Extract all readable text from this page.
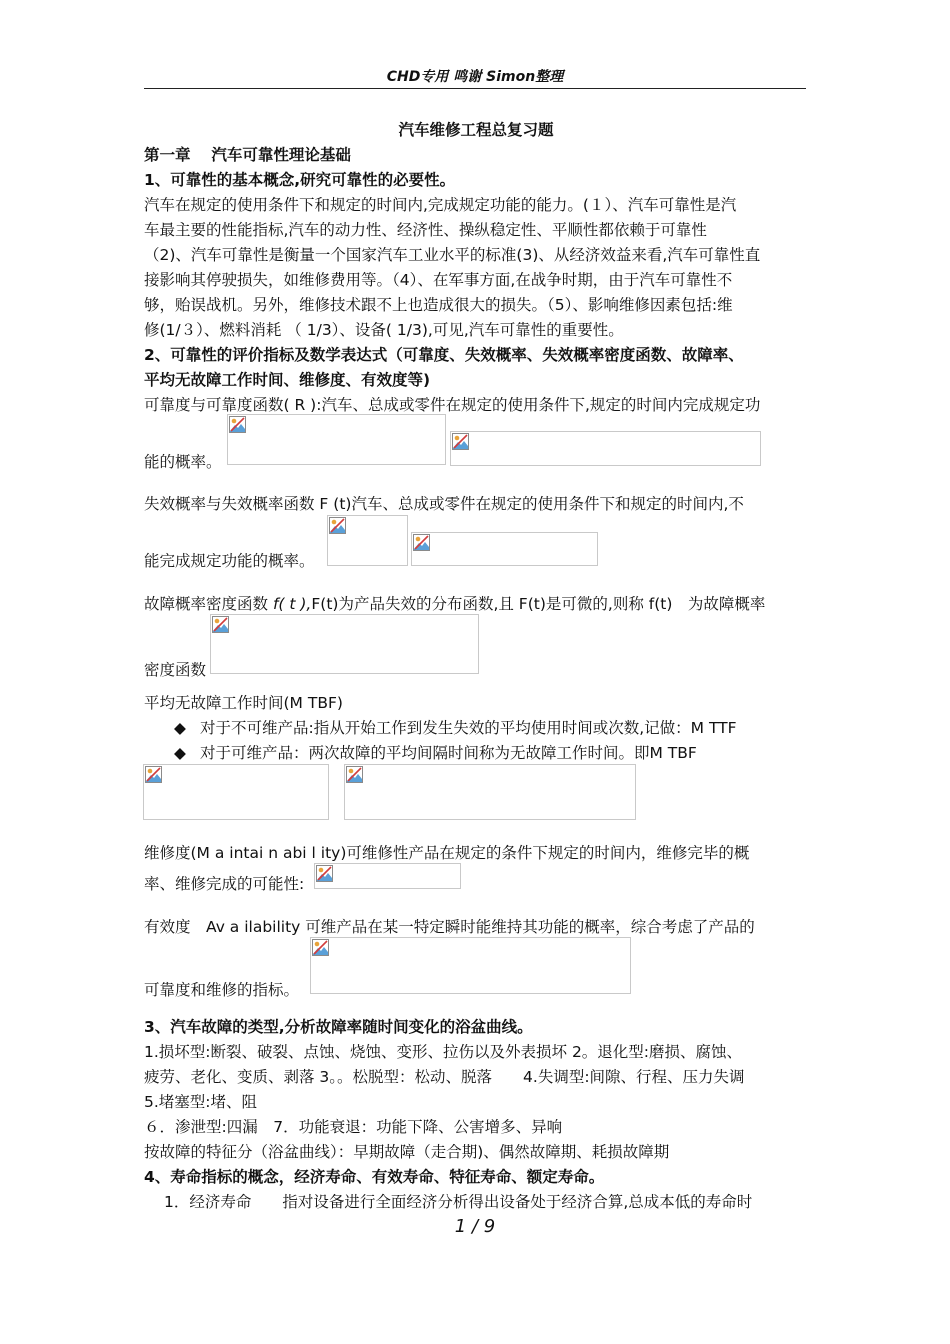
CHD专用 鸣谢 Simon整理
汽车维修工程总复习题
第一章　 汽车可靠性理论基础
1、可靠性的基本概念,研究可靠性的必要性。
汽车在规定的使用条件下和规定的时间内,完成规定功能的能力。(１）、汽车可靠性是汽
车最主要的性能指标,汽车的动力性、经济性、操纵稳定性、平顺性都依赖于可靠性
（2)、汽车可靠性是衡量一个国家汽车工业水平的标准(3)、从经济效益来看,汽车可靠性直
接影响其停驶损失，如维修费用等。（4）、在军事方面,在战争时期，由于汽车可靠性不
够，贻误战机。另外，维修技术跟不上也造成很大的损失。（5）、影响维修因素包括:维
修(1/３）、燃料消耗 （ 1/3）、设备( 1/3),可见,汽车可靠性的重要性。
2、可靠性的评价指标及数学表达式（可靠度、失效概率、失效概率密度函数、故障率、
平均无故障工作时间、维修度、有效度等)
可靠度与可靠度函数( R ):汽车、总成或零件在规定的使用条件下,规定的时间内完成规定功
能的概率。
失效概率与失效概率函数 F (t)汽车、总成或零件在规定的使用条件下和规定的时间内,不
能完成规定功能的概率。
故障概率密度函数 f( t ),F(t)为产品失效的分布函数,且 F(t)是可微的,则称 f(t)　为故障概率
密度函数
平均无故障工作时间(M TBF)
◆ 对于不可维产品:指从开始工作到发生失效的平均使用时间或次数,记做：M TTF
◆ 对于可维产品：两次故障的平均间隔时间称为无故障工作时间。即M TBF
维修度(M a intai n abi l ity)可维修性产品在规定的条件下规定的时间内，维修完毕的概
率、维修完成的可能性:
有效度　Av a ilability 可维产品在某一特定瞬时能维持其功能的概率，综合考虑了产品的
可靠度和维修的指标。
3、汽车故障的类型,分析故障率随时间变化的浴盆曲线。
1.损坏型:断裂、破裂、点蚀、烧蚀、变形、拉伤以及外表损坏 2。退化型:磨损、腐蚀、
疲劳、老化、变质、剥落 3。。松脱型：松动、脱落　　4.失调型:间隙、行程、压力失调
5.堵塞型:堵、阻
６．渗泄型:四漏　7．功能衰退：功能下降、公害增多、异响
按故障的特征分（浴盆曲线）：早期故障（走合期)、偶然故障期、耗损故障期
4、寿命指标的概念，经济寿命、有效寿命、特征寿命、额定寿命。
1．经济寿命　　指对设备进行全面经济分析得出设备处于经济合算,总成本低的寿命时
1 / 9
